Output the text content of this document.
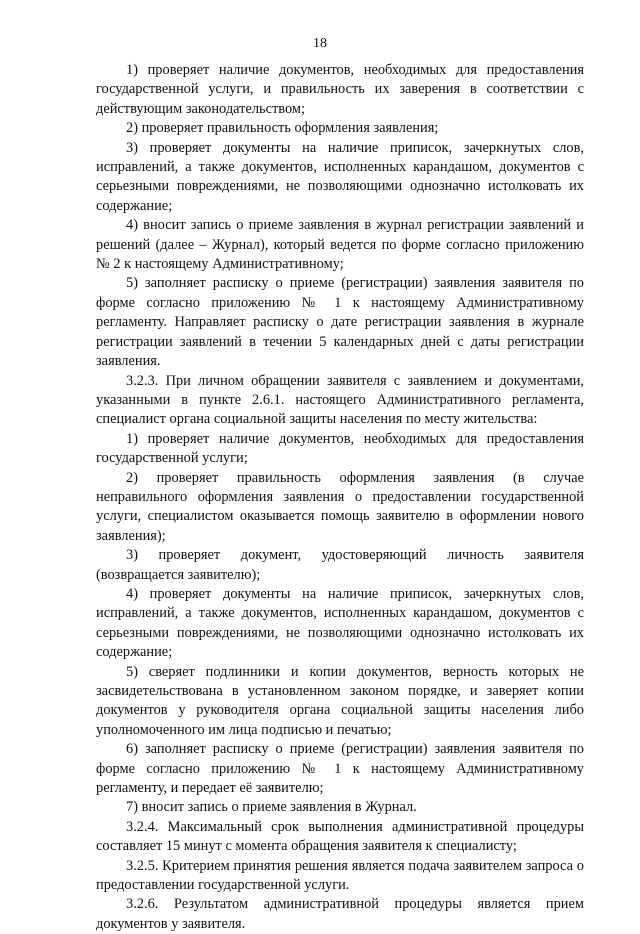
18

1) проверяет наличие документов, необходимых для предоставления государственной услуги, и правильность их заверения в соответствии с действующим законодательством;

2) проверяет правильность оформления заявления;

3) проверяет документы на наличие приписок, зачеркнутых слов, исправлений, а также документов, исполненных карандашом, документов с серьезными повреждениями, не позволяющими однозначно истолковать их содержание;

4) вносит запись о приеме заявления в журнал регистрации заявлений и решений (далее – Журнал), который ведется по форме согласно приложению № 2 к настоящему Административному;

5) заполняет расписку о приеме (регистрации) заявления заявителя по форме согласно приложению № 1 к настоящему Административному регламенту. Направляет расписку о дате регистрации заявления в журнале регистрации заявлений в течении 5 календарных дней с даты регистрации заявления.

3.2.3. При личном обращении заявителя с заявлением и документами, указанными в пункте 2.6.1. настоящего Административного регламента, специалист органа социальной защиты населения по месту жительства:

1) проверяет наличие документов, необходимых для предоставления государственной услуги;

2) проверяет правильность оформления заявления (в случае неправильного оформления заявления о предоставлении государственной услуги, специалистом оказывается помощь заявителю в оформлении нового заявления);

3) проверяет документ, удостоверяющий личность заявителя (возвращается заявителю);

4) проверяет документы на наличие приписок, зачеркнутых слов, исправлений, а также документов, исполненных карандашом, документов с серьезными повреждениями, не позволяющими однозначно истолковать их содержание;

5) сверяет подлинники и копии документов, верность которых не засвидетельствована в установленном законом порядке, и заверяет копии документов у руководителя органа социальной защиты населения либо уполномоченного им лица подписью и печатью;

6) заполняет расписку о приеме (регистрации) заявления заявителя по форме согласно приложению № 1 к настоящему Административному регламенту, и передает её заявителю;

7) вносит запись о приеме заявления в Журнал.

3.2.4. Максимальный срок выполнения административной процедуры составляет 15 минут с момента обращения заявителя к специалисту;

3.2.5. Критерием принятия решения является подача заявителем запроса о предоставлении государственной услуги.

3.2.6. Результатом административной процедуры является прием документов у заявителя.
